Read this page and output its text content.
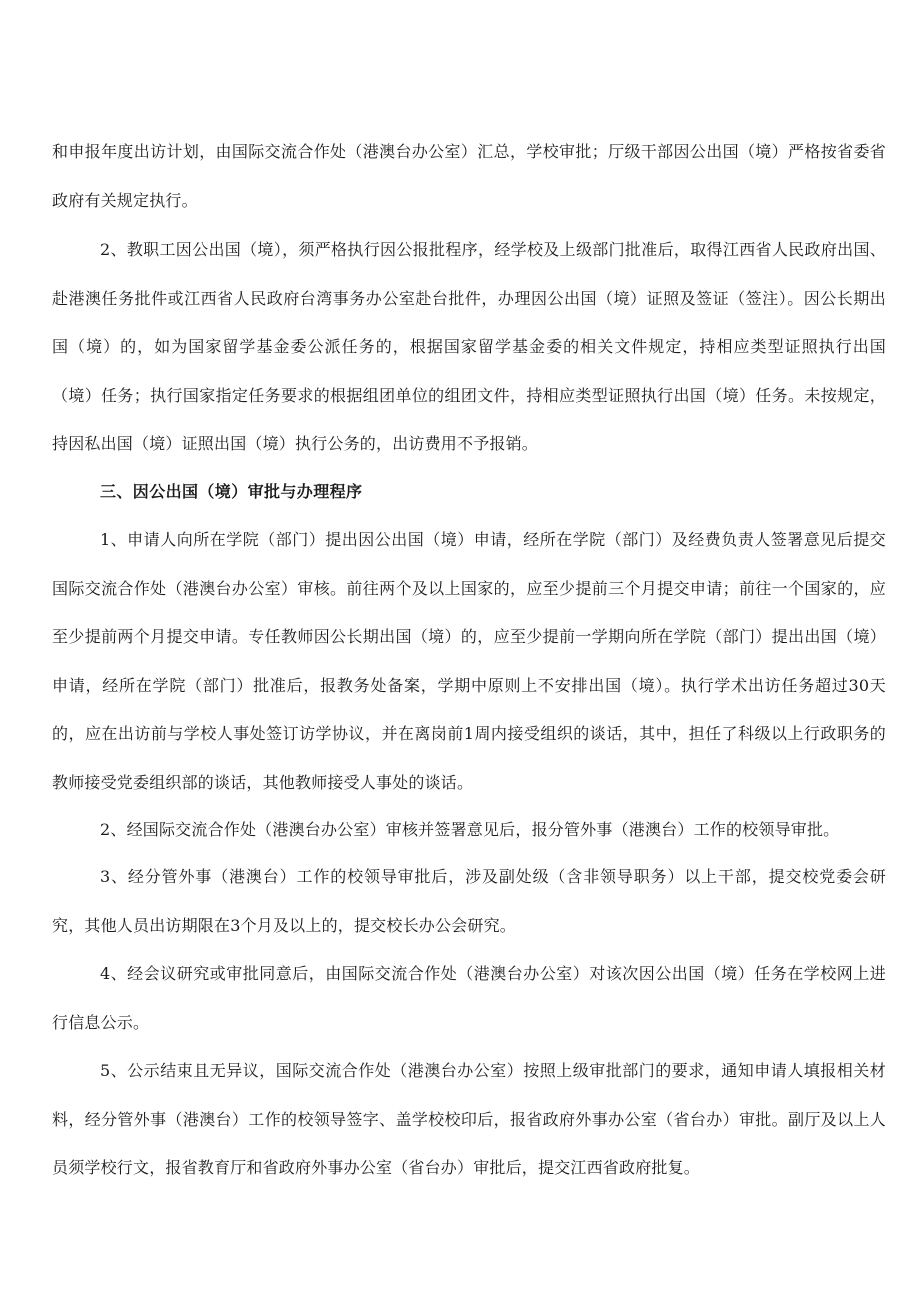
和申报年度出访计划，由国际交流合作处（港澳台办公室）汇总，学校审批；厅级干部因公出国（境）严格按省委省政府有关规定执行。

2、教职工因公出国（境），须严格执行因公报批程序，经学校及上级部门批准后，取得江西省人民政府出国、赴港澳任务批件或江西省人民政府台湾事务办公室赴台批件，办理因公出国（境）证照及签证（签注）。因公长期出国（境）的，如为国家留学基金委公派任务的，根据国家留学基金委的相关文件规定，持相应类型证照执行出国（境）任务；执行国家指定任务要求的根据组团单位的组团文件，持相应类型证照执行出国（境）任务。未按规定，持因私出国（境）证照出国（境）执行公务的，出访费用不予报销。

三、因公出国（境）审批与办理程序

1、申请人向所在学院（部门）提出因公出国（境）申请，经所在学院（部门）及经费负责人签署意见后提交国际交流合作处（港澳台办公室）审核。前往两个及以上国家的，应至少提前三个月提交申请；前往一个国家的，应至少提前两个月提交申请。专任教师因公长期出国（境）的，应至少提前一学期向所在学院（部门）提出出国（境）申请，经所在学院（部门）批准后，报教务处备案，学期中原则上不安排出国（境）。执行学术出访任务超过30天的，应在出访前与学校人事处签订访学协议，并在离岗前1周内接受组织的谈话，其中，担任了科级以上行政职务的教师接受党委组织部的谈话，其他教师接受人事处的谈话。

2、经国际交流合作处（港澳台办公室）审核并签署意见后，报分管外事（港澳台）工作的校领导审批。

3、经分管外事（港澳台）工作的校领导审批后，涉及副处级（含非领导职务）以上干部，提交校党委会研究，其他人员出访期限在3个月及以上的，提交校长办公会研究。

4、经会议研究或审批同意后，由国际交流合作处（港澳台办公室）对该次因公出国（境）任务在学校网上进行信息公示。

5、公示结束且无异议，国际交流合作处（港澳台办公室）按照上级审批部门的要求，通知申请人填报相关材料，经分管外事（港澳台）工作的校领导签字、盖学校校印后，报省政府外事办公室（省台办）审批。副厅及以上人员须学校行文，报省教育厅和省政府外事办公室（省台办）审批后，提交江西省政府批复。
